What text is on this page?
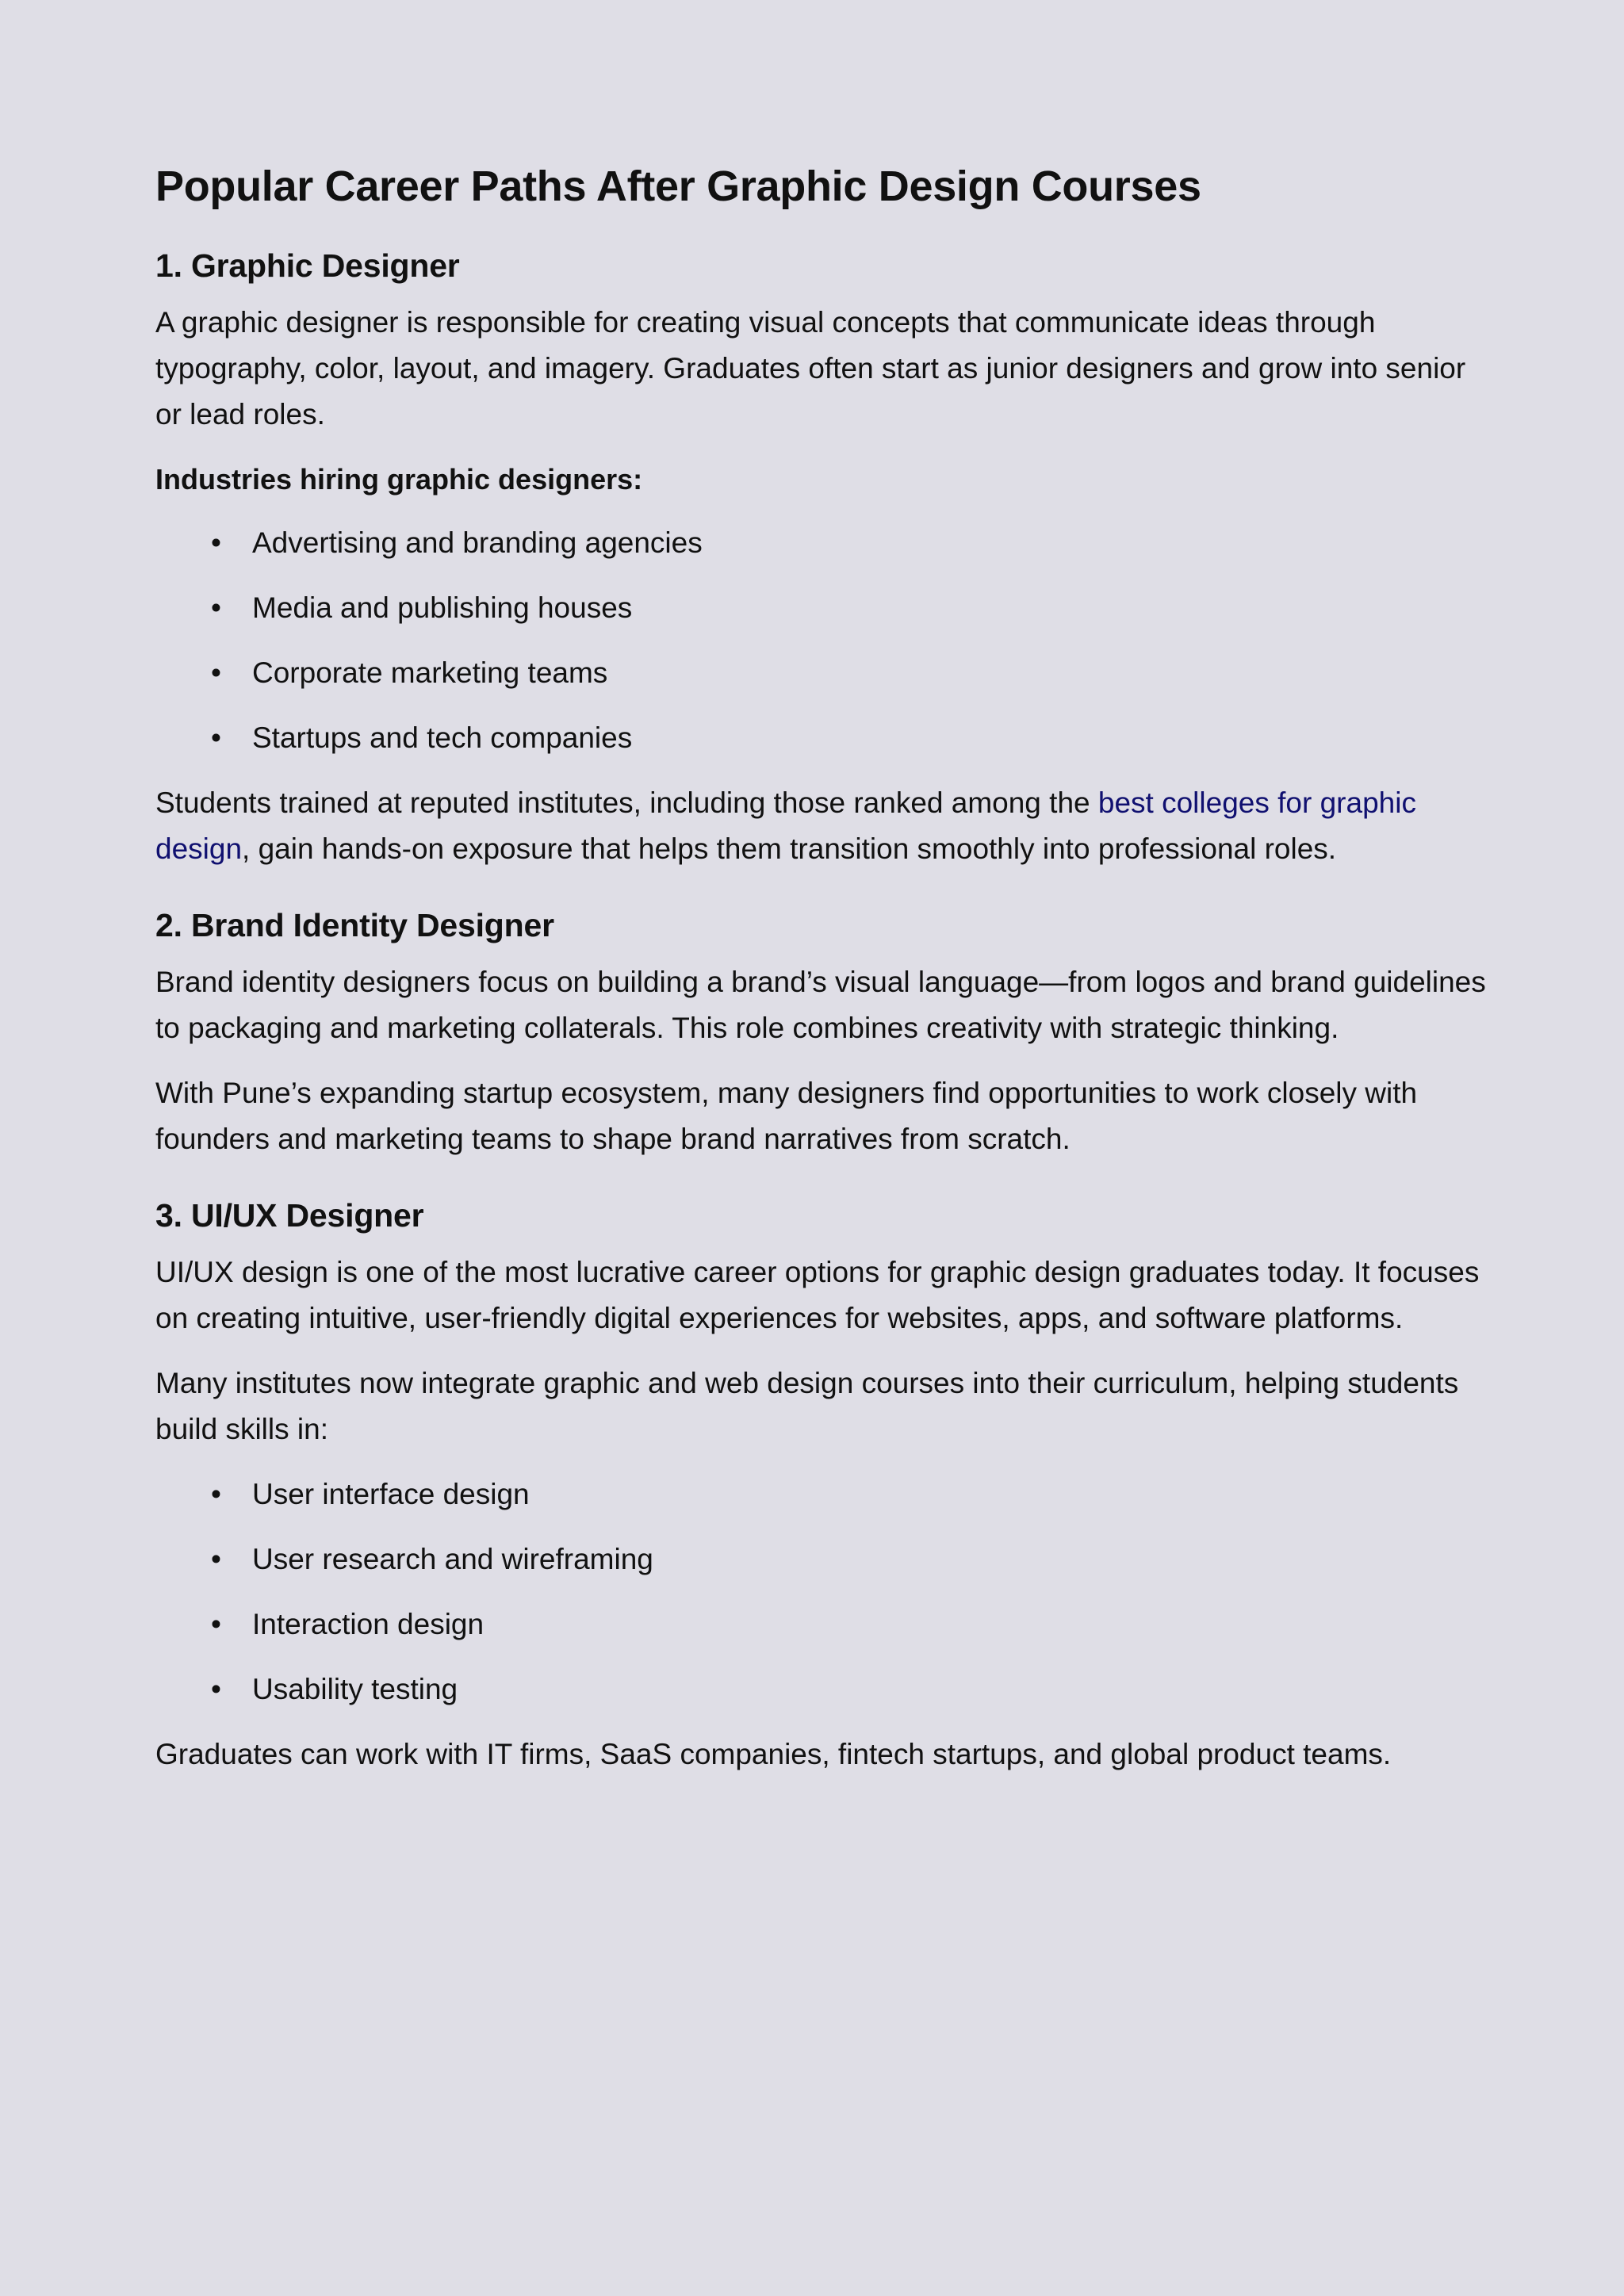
Popular Career Paths After Graphic Design Courses
1. Graphic Designer

A graphic designer is responsible for creating visual concepts that communicate ideas through typography, color, layout, and imagery. Graduates often start as junior designers and grow into senior or lead roles.

Industries hiring graphic designers:

• Advertising and branding agencies
• Media and publishing houses
• Corporate marketing teams
• Startups and tech companies

Students trained at reputed institutes, including those ranked among the best colleges for graphic design, gain hands-on exposure that helps them transition smoothly into professional roles.

2. Brand Identity Designer

Brand identity designers focus on building a brand’s visual language—from logos and brand guidelines to packaging and marketing collaterals. This role combines creativity with strategic thinking.

With Pune’s expanding startup ecosystem, many designers find opportunities to work closely with founders and marketing teams to shape brand narratives from scratch.

3. UI/UX Designer

UI/UX design is one of the most lucrative career options for graphic design graduates today. It focuses on creating intuitive, user-friendly digital experiences for websites, apps, and software platforms.

Many institutes now integrate graphic and web design courses into their curriculum, helping students build skills in:

• User interface design
• User research and wireframing
• Interaction design
• Usability testing

Graduates can work with IT firms, SaaS companies, fintech startups, and global product teams.
